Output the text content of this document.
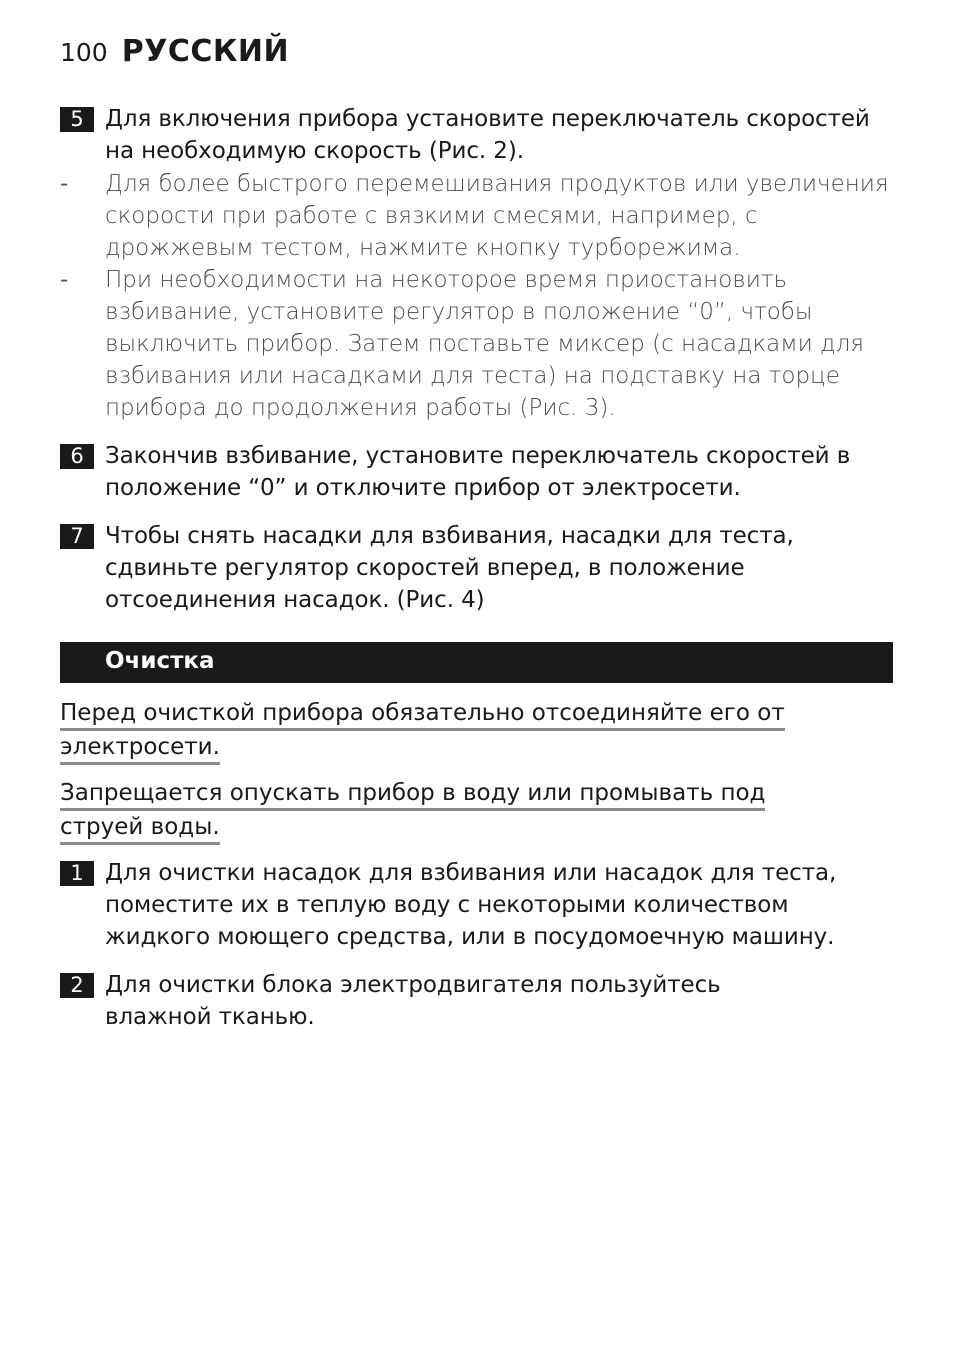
100 РУССКИЙ
5 Для включения прибора установите переключатель скоростей на необходимую скорость (Рис. 2).
-	Для более быстрого перемешивания продуктов или увеличения скорости при работе с вязкими смесями, например, с дрожжевым тестом, нажмите кнопку турборежима.
-	При необходимости на некоторое время приостановить взбивание, установите регулятор в положение “0”, чтобы выключить прибор. Затем поставьте миксер (с насадками для взбивания или насадками для теста) на подставку на торце прибора до продолжения работы (Рис. 3).
6 Закончив взбивание, установите переключатель скоростей в положение “0” и отключите прибор от электросети.
7 Чтобы снять насадки для взбивания, насадки для теста, сдвиньте регулятор скоростей вперед, в положение отсоединения насадок. (Рис. 4)
Очистка
Перед очисткой прибора обязательно отсоединяйте его от
электросети.
Запрещается опускать прибор в воду или промывать под
струей воды.
1 Для очистки насадок для взбивания или насадок для теста, поместите их в теплую воду с некоторыми количеством жидкого моющего средства, или в посудомоечную машину.
2 Для очистки блока электродвигателя пользуйтесь влажной тканью.
